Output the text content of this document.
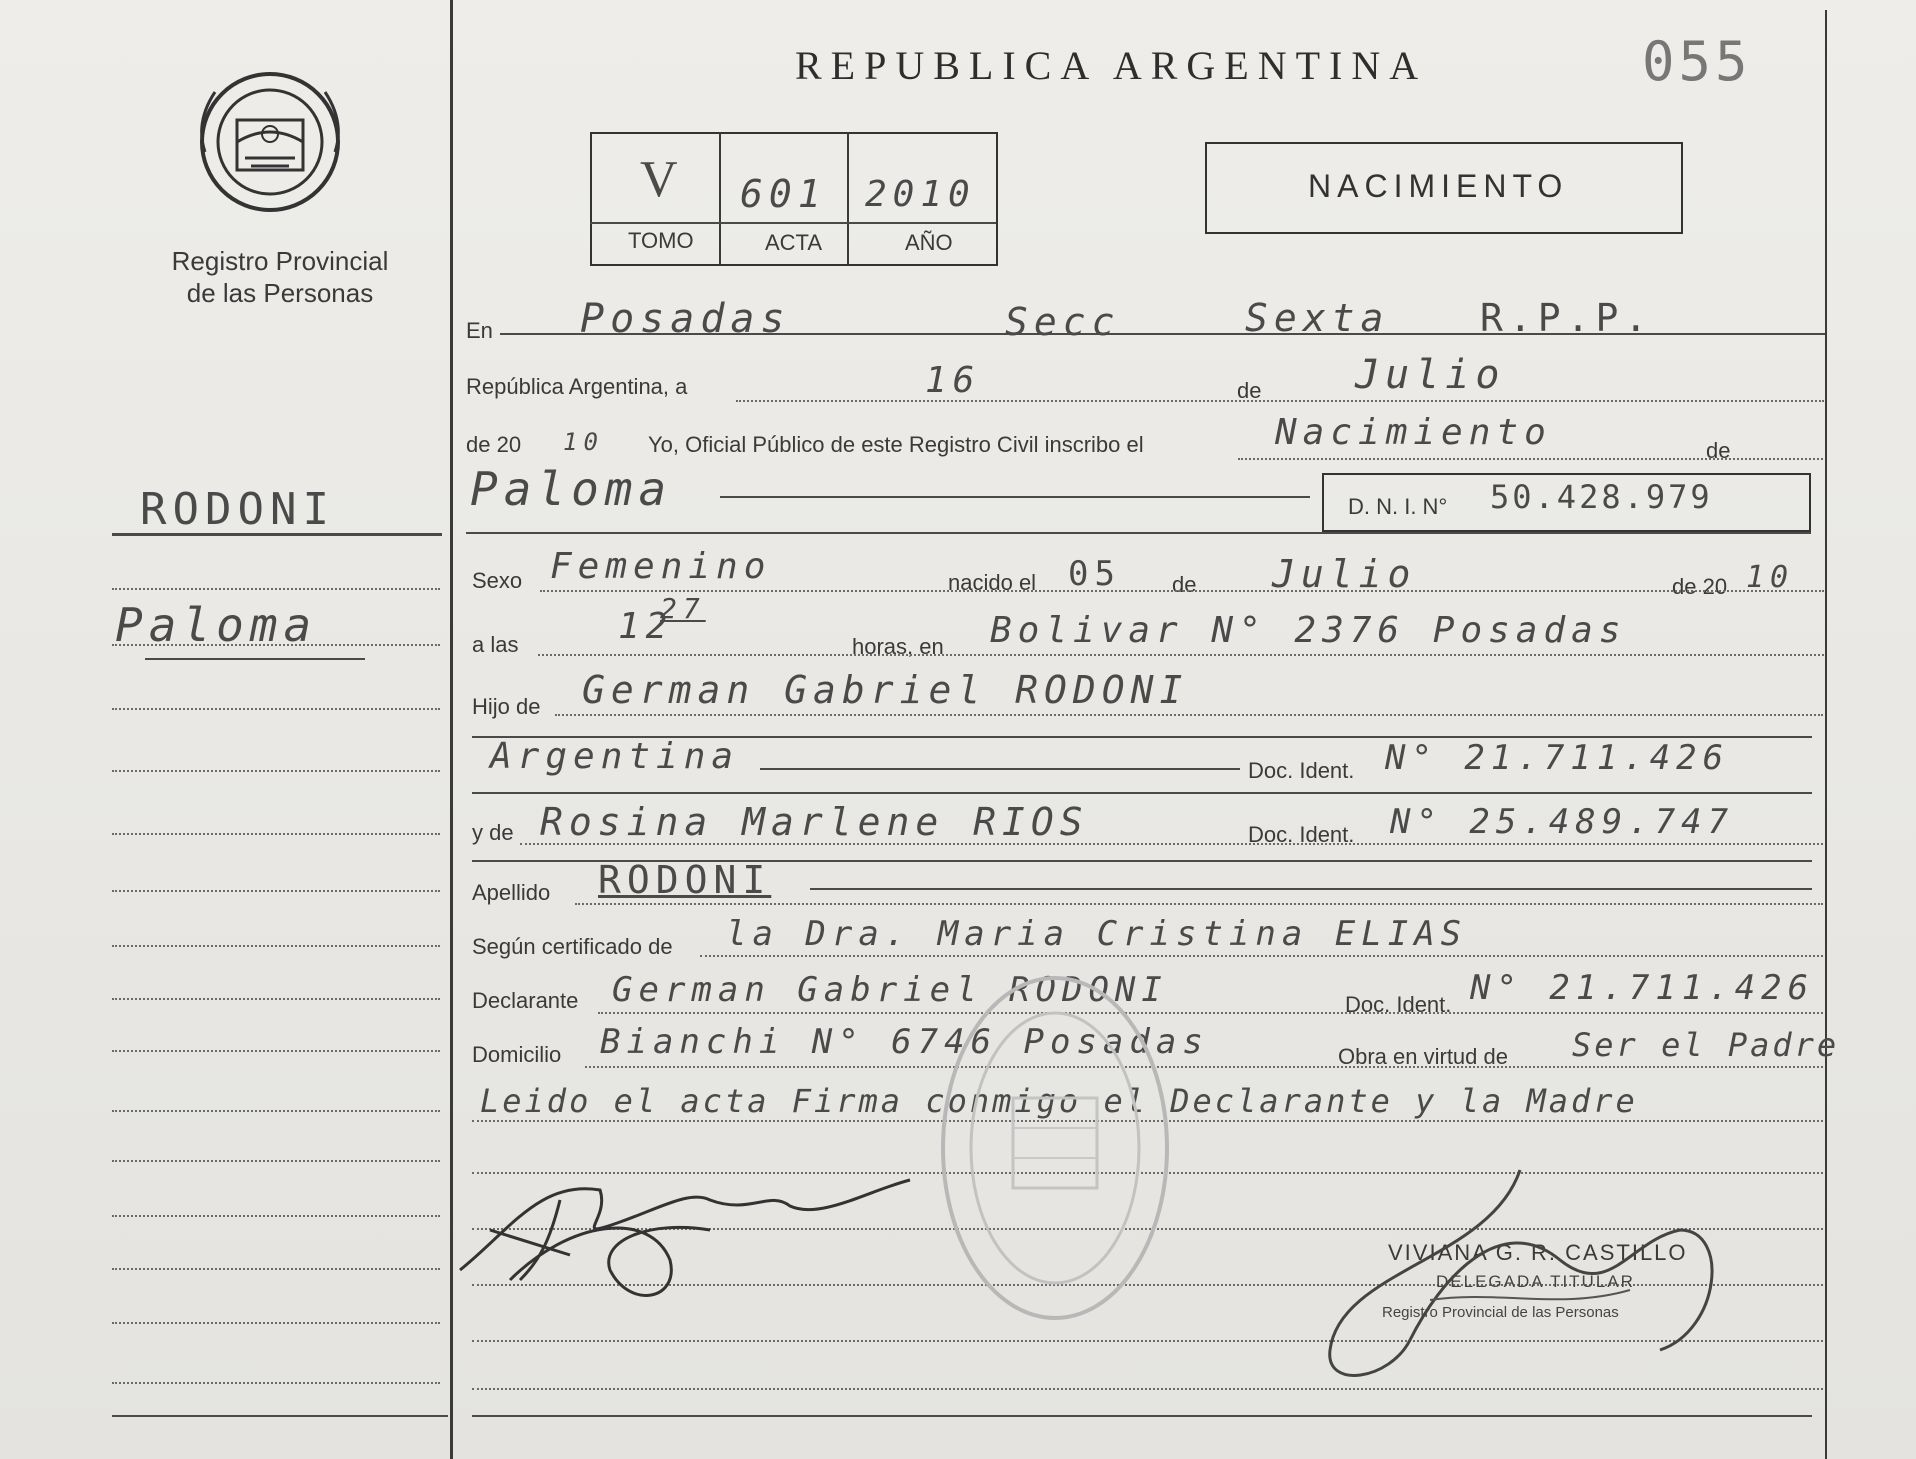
Registro Provincial
de las Personas
REPUBLICA ARGENTINA	055
V 601 2010
TOMO	ACTA	AÑO
NACIMIENTO
RODONI
Paloma
En Posadas	Secc	Sexta R.P.P.
República Argentina, a	16	de Julio
de 20 10 Yo, Oficial Público de este Registro Civil inscribo el	Nacimiento	de
Paloma	D. N. I. N° 50.428.979
Sexo Femenino	nacido el 05 de Julio	de 20 10
a las	12
27
horas, en Bolivar N° 2376 Posadas
Hijo de German Gabriel RODONI
Argentina	Doc. Ident. N° 21.711.426
y de Rosina Marlene RIOS	Doc. Ident. N° 25.489.747
Apellido RODONI
Según certificado de la Dra. Maria Cristina ELIAS
Declarante German Gabriel RODONI	Doc. Ident. N° 21.711.426
Domicilio Bianchi N° 6746 Posadas	Obra en virtud de Ser el Padre
Leido el acta Firma conmigo el Declarante y la Madre
VIVIANA G. R. CASTILLO
DELEGADA TITULAR
Registro Provincial de las Personas
